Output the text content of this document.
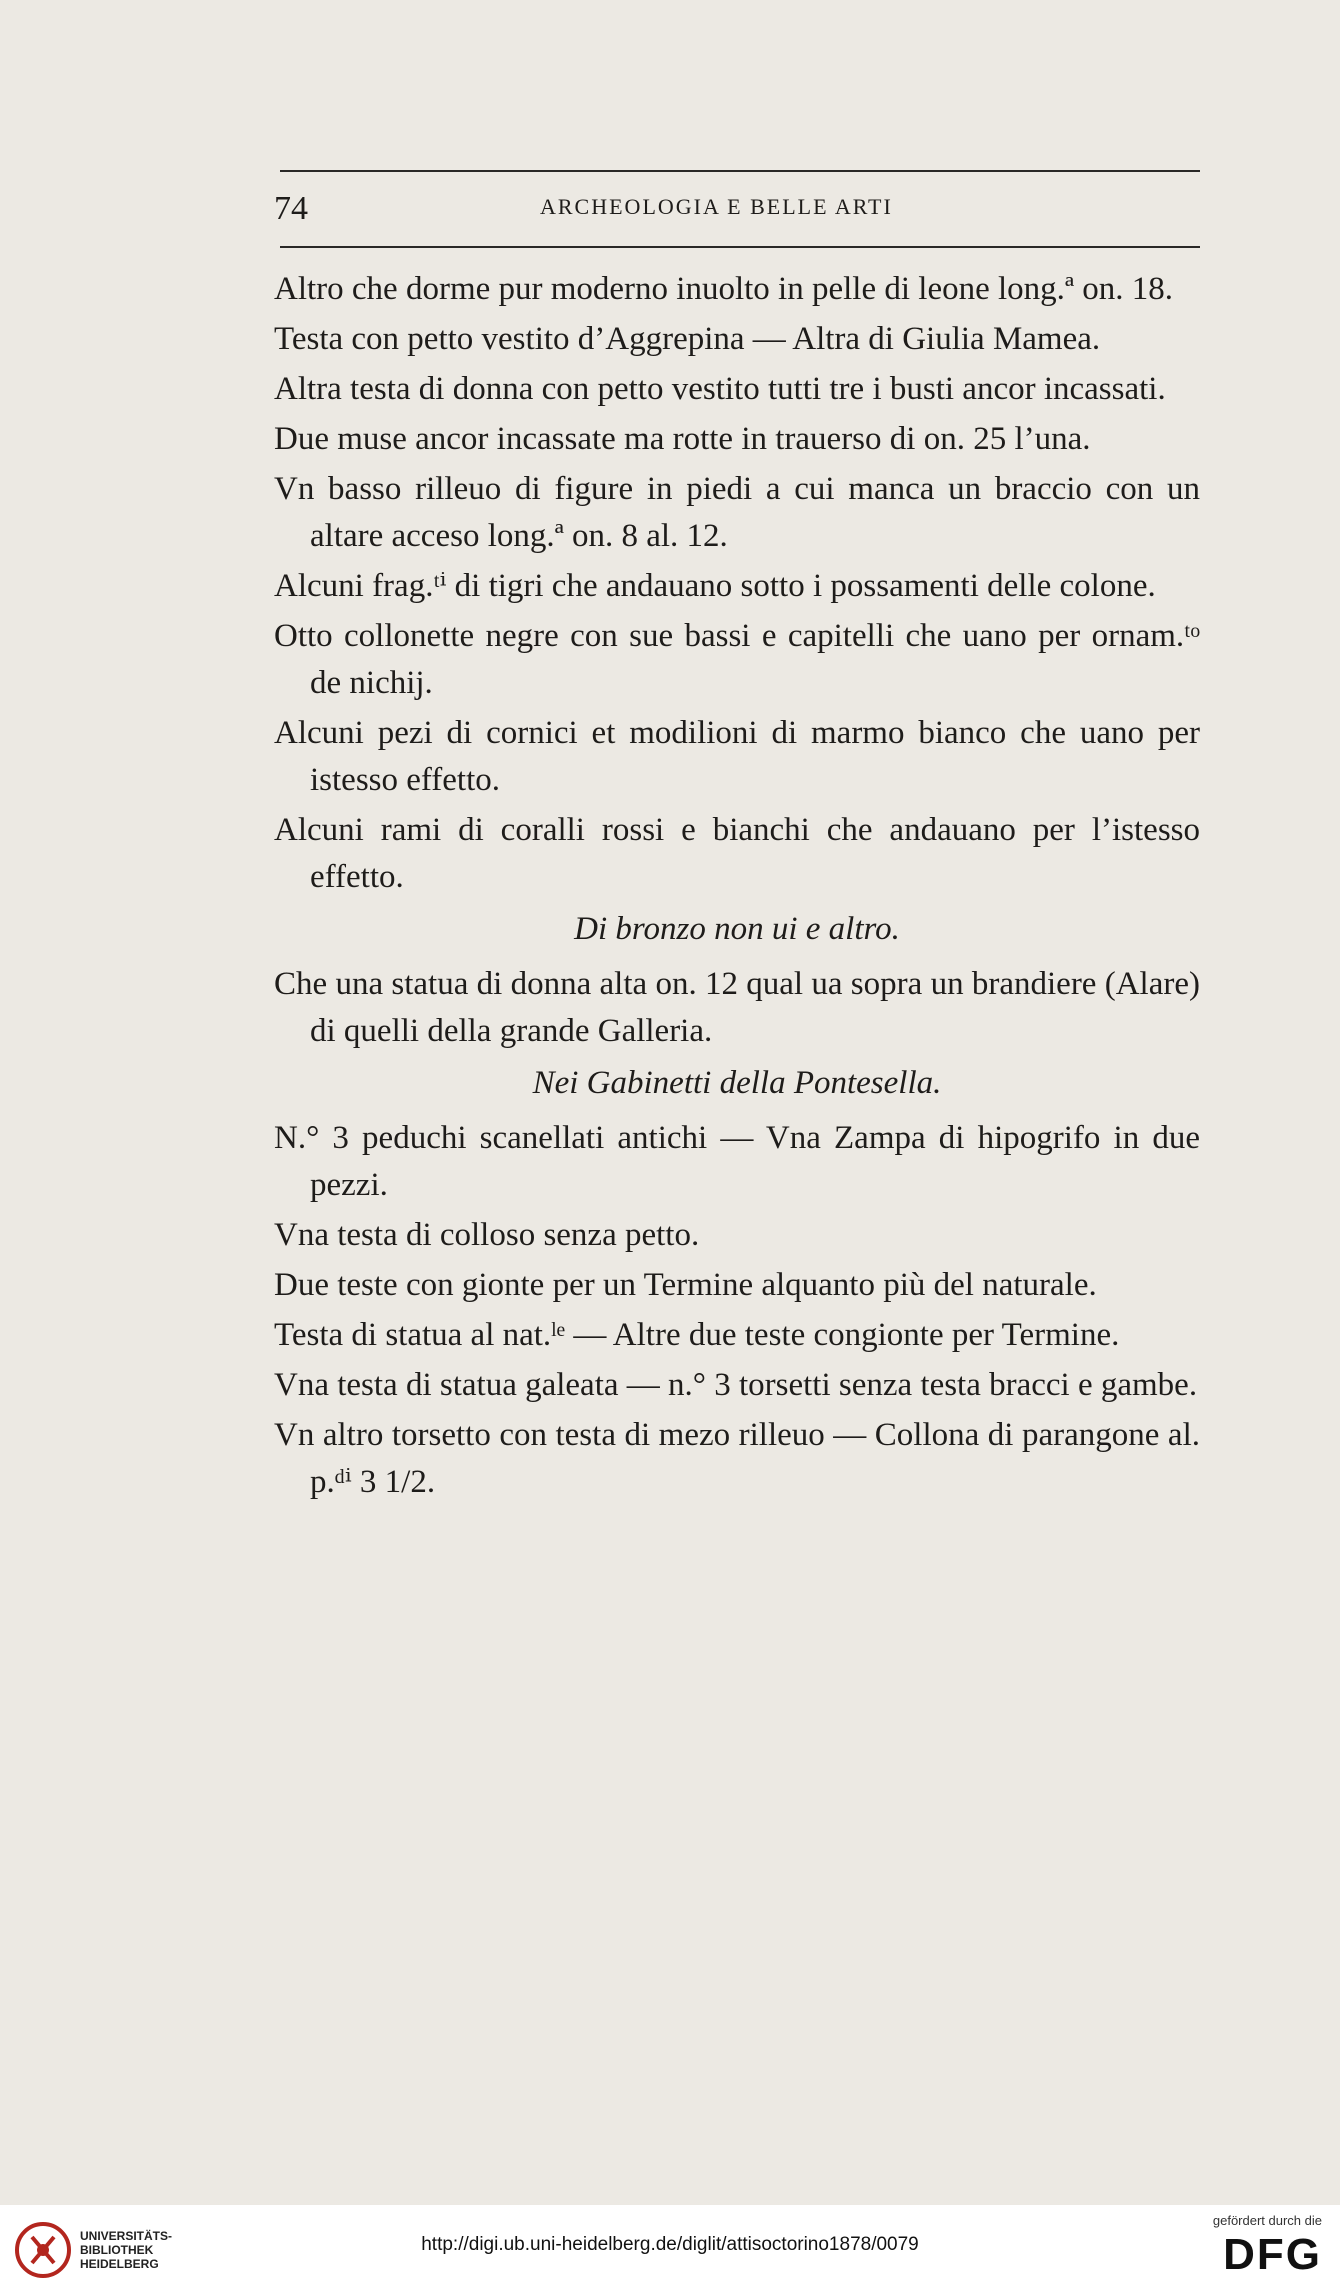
74	ARCHEOLOGIA E BELLE ARTI

Altro che dorme pur moderno inuolto in pelle di leone long.ª on. 18.

Testa con petto vestito d’Aggrepina — Altra di Giulia Mamea.

Altra testa di donna con petto vestito tutti tre i busti ancor incassati.

Due muse ancor incassate ma rotte in trauerso di on. 25 l’una.

Vn basso rilleuo di figure in piedi a cui manca un braccio con un altare acceso long.ª on. 8 al. 12.

Alcuni frag.ᵗⁱ di tigri che andauano sotto i possamenti delle colone.

Otto collonette negre con sue bassi e capitelli che uano per ornam.ᵗᵒ de nichij.

Alcuni pezi di cornici et modilioni di marmo bianco che uano per istesso effetto.

Alcuni rami di coralli rossi e bianchi che andauano per l’istesso effetto.

Di bronzo non ui e altro.

Che una statua di donna alta on. 12 qual ua sopra un brandiere (Alare) di quelli della grande Galleria.

Nei Gabinetti della Pontesella.

N.° 3 peduchi scanellati antichi — Vna Zampa di hipogrifo in due pezzi.

Vna testa di colloso senza petto.

Due teste con gionte per un Termine alquanto più del naturale.

Testa di statua al nat.ˡᵉ — Altre due teste congionte per Termine.

Vna testa di statua galeata — n.° 3 torsetti senza testa bracci e gambe.

Vn altro torsetto con testa di mezo rilleuo — Collona di parangone al. p.ᵈⁱ 3 1/2.

UNIVERSITÄTS-
BIBLIOTHEK
HEIDELBERG
http://digi.ub.uni-heidelberg.de/diglit/attisoctorino1878/0079
gefördert durch die
DFG
